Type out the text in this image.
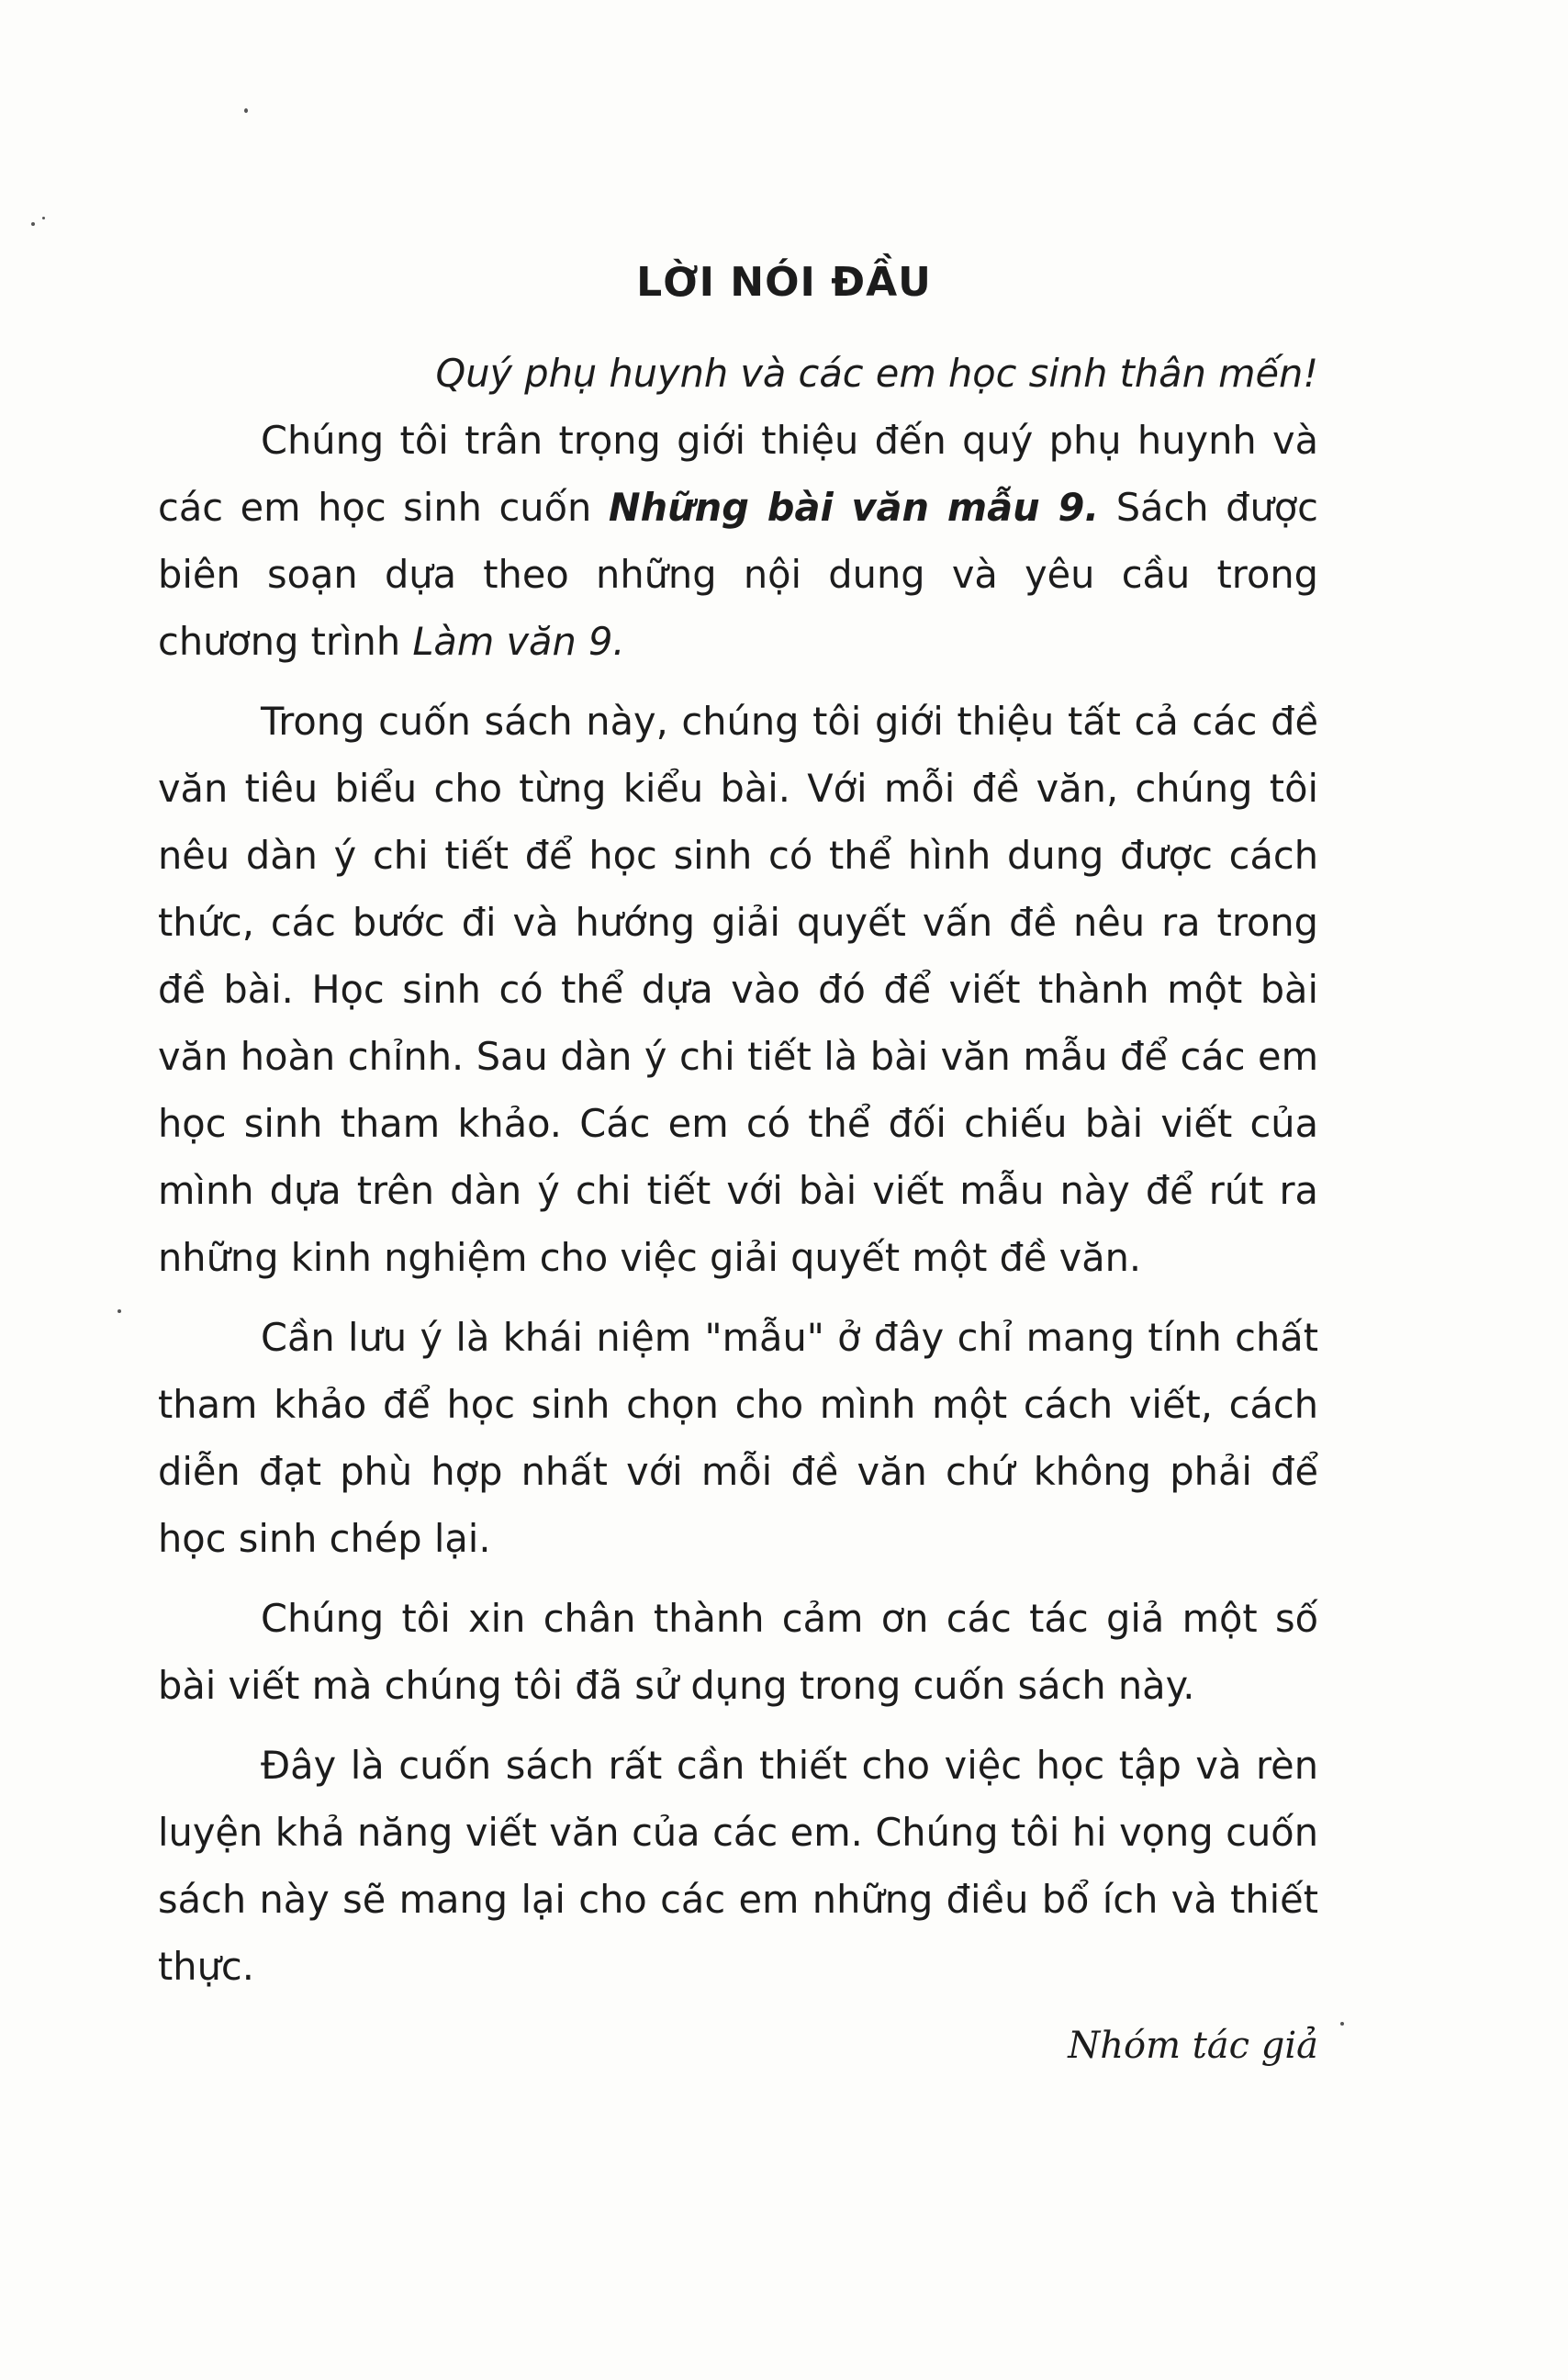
LỜI NÓI ĐẦU

Quý phụ huynh và các em học sinh thân mến!

Chúng tôi trân trọng giới thiệu đến quý phụ huynh và các em học sinh cuốn Những bài văn mẫu 9. Sách được biên soạn dựa theo những nội dung và yêu cầu trong chương trình Làm văn 9.

Trong cuốn sách này, chúng tôi giới thiệu tất cả các đề văn tiêu biểu cho từng kiểu bài. Với mỗi đề văn, chúng tôi nêu dàn ý chi tiết để học sinh có thể hình dung được cách thức, các bước đi và hướng giải quyết vấn đề nêu ra trong đề bài. Học sinh có thể dựa vào đó để viết thành một bài văn hoàn chỉnh. Sau dàn ý chi tiết là bài văn mẫu để các em học sinh tham khảo. Các em có thể đối chiếu bài viết của mình dựa trên dàn ý chi tiết với bài viết mẫu này để rút ra những kinh nghiệm cho việc giải quyết một đề văn.

Cần lưu ý là khái niệm "mẫu" ở đây chỉ mang tính chất tham khảo để học sinh chọn cho mình một cách viết, cách diễn đạt phù hợp nhất với mỗi đề văn chứ không phải để học sinh chép lại.

Chúng tôi xin chân thành cảm ơn các tác giả một số bài viết mà chúng tôi đã sử dụng trong cuốn sách này.

Đây là cuốn sách rất cần thiết cho việc học tập và rèn luyện khả năng viết văn của các em. Chúng tôi hi vọng cuốn sách này sẽ mang lại cho các em những điều bổ ích và thiết thực.

Nhóm tác giả
